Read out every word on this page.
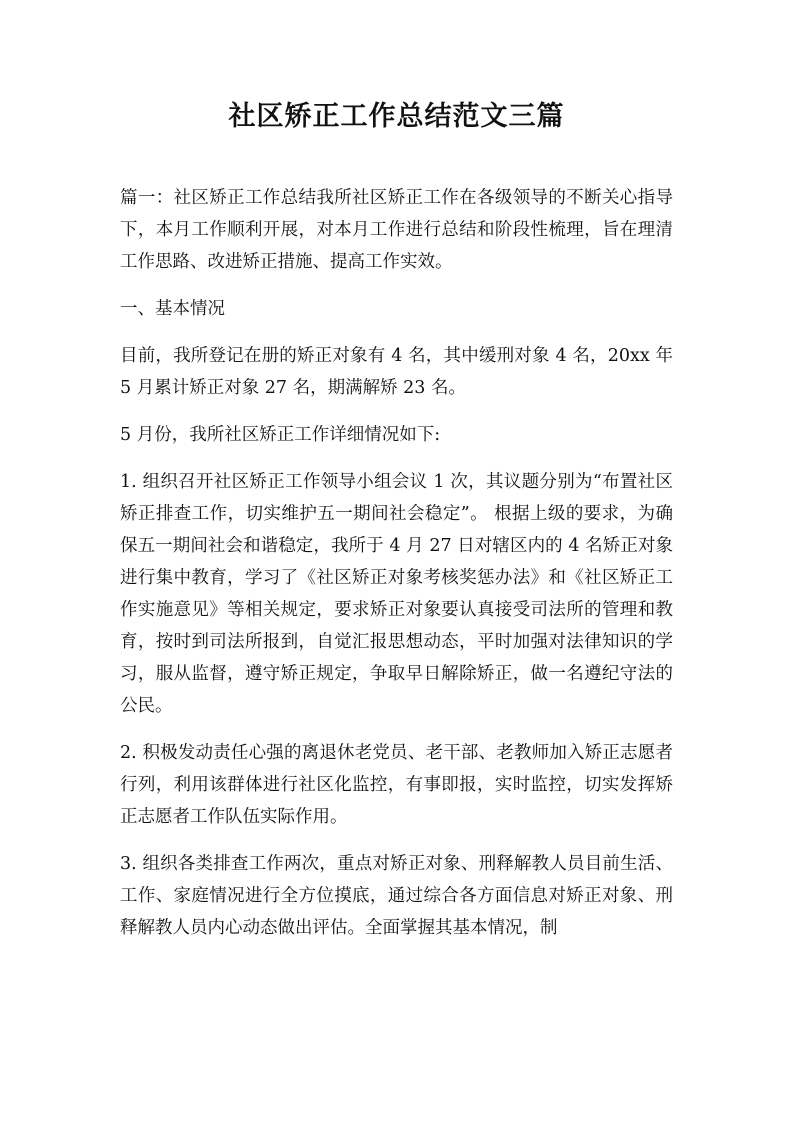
社区矫正工作总结范文三篇

篇一：社区矫正工作总结我所社区矫正工作在各级领导的不断关心指导下，本月工作顺利开展，对本月工作进行总结和阶段性梳理，旨在理清工作思路、改进矫正措施、提高工作实效。

一、基本情况

目前，我所登记在册的矫正对象有 4 名，其中缓刑对象 4 名，20xx 年 5 月累计矫正对象 27 名，期满解矫 23 名。

5 月份，我所社区矫正工作详细情况如下:

1. 组织召开社区矫正工作领导小组会议 1 次，其议题分别为“布置社区矫正排查工作，切实维护五一期间社会稳定”。 根据上级的要求，为确保五一期间社会和谐稳定，我所于 4 月 27 日对辖区内的 4 名矫正对象进行集中教育，学习了《社区矫正对象考核奖惩办法》和《社区矫正工作实施意见》等相关规定，要求矫正对象要认真接受司法所的管理和教育，按时到司法所报到，自觉汇报思想动态，平时加强对法律知识的学习，服从监督，遵守矫正规定，争取早日解除矫正，做一名遵纪守法的公民。

2. 积极发动责任心强的离退休老党员、老干部、老教师加入矫正志愿者行列，利用该群体进行社区化监控，有事即报，实时监控，切实发挥矫正志愿者工作队伍实际作用。

3. 组织各类排查工作两次，重点对矫正对象、刑释解教人员目前生活、工作、家庭情况进行全方位摸底，通过综合各方面信息对矫正对象、刑释解教人员内心动态做出评估。全面掌握其基本情况，制
